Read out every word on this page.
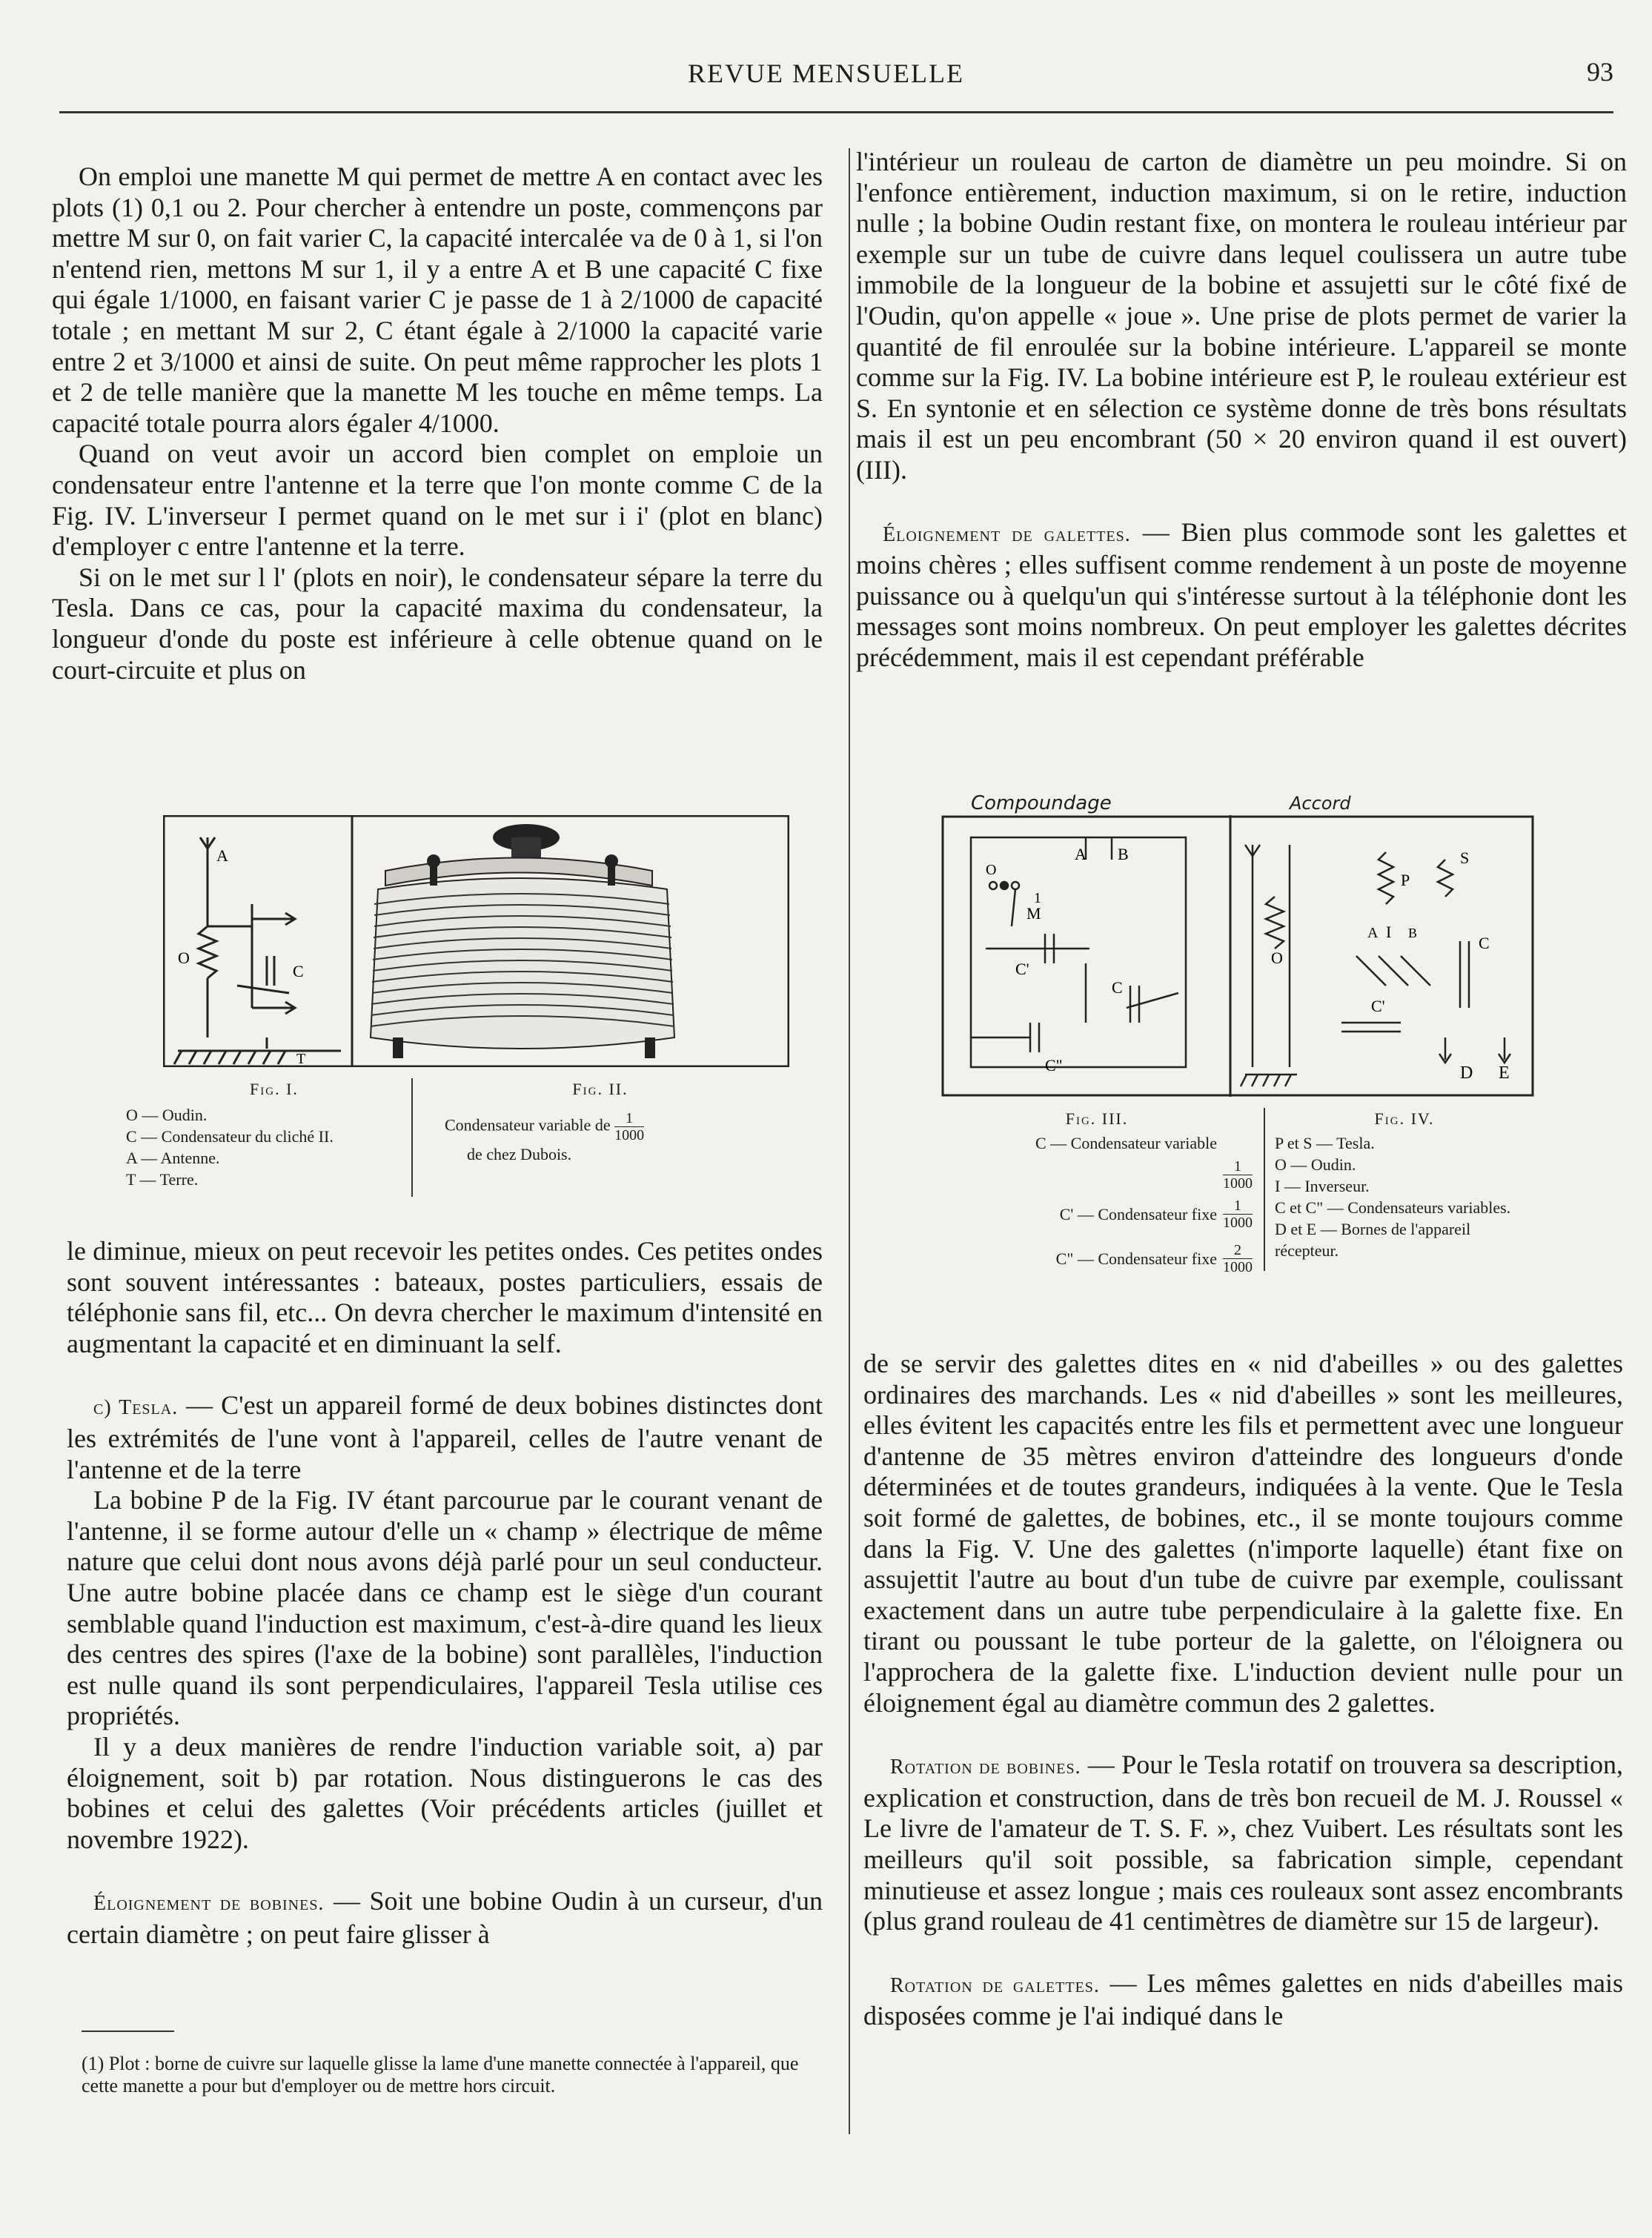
REVUE MENSUELLE	93

On emploi une manette M qui permet de mettre A en contact avec les plots (1) 0,1 ou 2. Pour chercher à entendre un poste, commençons par mettre M sur 0, on fait varier C, la capacité intercalée va de 0 à 1, si l'on n'entend rien, mettons M sur 1, il y a entre A et B une capacité C fixe qui égale 1/1000, en faisant varier C je passe de 1 à 2/1000 de capacité totale ; en mettant M sur 2, C étant égale à 2/1000 la capacité varie entre 2 et 3/1000 et ainsi de suite. On peut même rapprocher les plots 1 et 2 de telle manière que la manette M les touche en même temps. La capacité totale pourra alors égaler 4/1000.

Quand on veut avoir un accord bien complet on emploie un condensateur entre l'antenne et la terre que l'on monte comme C de la Fig. IV. L'inverseur I permet quand on le met sur i i' (plot en blanc) d'employer c entre l'antenne et la terre.

Si on le met sur l l' (plots en noir), le condensateur sépare la terre du Tesla. Dans ce cas, pour la capacité maxima du condensateur, la longueur d'onde du poste est inférieure à celle obtenue quand on le court-circuite et plus on

A
O
C
T
Fig. I.
O — Oudin.
C — Condensateur du cliché II.
A — Antenne.
T — Terre.
Fig. II.
Condensateur variable de $\frac{1}{1000}$
de chez Dubois.

le diminue, mieux on peut recevoir les petites ondes. Ces petites ondes sont souvent intéressantes : bateaux, postes particuliers, essais de téléphonie sans fil, etc... On devra chercher le maximum d'intensité en augmentant la capacité et en diminuant la self.

c) Tesla. — C'est un appareil formé de deux bobines distinctes dont les extrémités de l'une vont à l'appareil, celles de l'autre venant de l'antenne et de la terre

La bobine P de la Fig. IV étant parcourue par le courant venant de l'antenne, il se forme autour d'elle un « champ » électrique de même nature que celui dont nous avons déjà parlé pour un seul conducteur. Une autre bobine placée dans ce champ est le siège d'un courant semblable quand l'induction est maximum, c'est-à-dire quand les lieux des centres des spires (l'axe de la bobine) sont parallèles, l'induction est nulle quand ils sont perpendiculaires, l'appareil Tesla utilise ces propriétés.

Il y a deux manières de rendre l'induction variable soit, a) par éloignement, soit b) par rotation. Nous distinguerons le cas des bobines et celui des galettes (Voir précédents articles (juillet et novembre 1922).

Éloignement de bobines. — Soit une bobine Oudin à un curseur, d'un certain diamètre ; on peut faire glisser à

(1) Plot : borne de cuivre sur laquelle glisse la lame d'une manette connectée à l'appareil, que cette manette a pour but d'employer ou de mettre hors circuit.

l'intérieur un rouleau de carton de diamètre un peu moindre. Si on l'enfonce entièrement, induction maximum, si on le retire, induction nulle ; la bobine Oudin restant fixe, on montera le rouleau intérieur par exemple sur un tube de cuivre dans lequel coulissera un autre tube immobile de la longueur de la bobine et assujetti sur le côté fixé de l'Oudin, qu'on appelle « joue ». Une prise de plots permet de varier la quantité de fil enroulée sur la bobine intérieure. L'appareil se monte comme sur la Fig. IV. La bobine intérieure est P, le rouleau extérieur est S. En syntonie et en sélection ce système donne de très bons résultats mais il est un peu encombrant (50 × 20 environ quand il est ouvert) (III).

Éloignement de galettes. — Bien plus commode sont les galettes et moins chères ; elles suffisent comme rendement à un poste de moyenne puissance ou à quelqu'un qui s'intéresse surtout à la téléphonie dont les messages sont moins nombreux. On peut employer les galettes décrites précédemment, mais il est cependant préférable

Compoundage	Accord
A B
O
1
M
C'
C
C"
O
P
S
A I B
C
C'
D E
Fig. III.
C — Condensateur variable
$\frac{1}{1000}$
C' — Condensateur fixe $\frac{1}{1000}$
C" — Condensateur fixe $\frac{2}{1000}$
Fig. IV.
P et S — Tesla.
O — Oudin.
I — Inverseur.
C et C" — Condensateurs variables.
D et E — Bornes de l'appareil récepteur.

de se servir des galettes dites en « nid d'abeilles » ou des galettes ordinaires des marchands. Les « nid d'abeilles » sont les meilleures, elles évitent les capacités entre les fils et permettent avec une longueur d'antenne de 35 mètres environ d'atteindre des longueurs d'onde déterminées et de toutes grandeurs, indiquées à la vente. Que le Tesla soit formé de galettes, de bobines, etc., il se monte toujours comme dans la Fig. V. Une des galettes (n'importe laquelle) étant fixe on assujettit l'autre au bout d'un tube de cuivre par exemple, coulissant exactement dans un autre tube perpendiculaire à la galette fixe. En tirant ou poussant le tube porteur de la galette, on l'éloignera ou l'approchera de la galette fixe. L'induction devient nulle pour un éloignement égal au diamètre commun des 2 galettes.

Rotation de bobines. — Pour le Tesla rotatif on trouvera sa description, explication et construction, dans de très bon recueil de M. J. Roussel « Le livre de l'amateur de T. S. F. », chez Vuibert. Les résultats sont les meilleurs qu'il soit possible, sa fabrication simple, cependant minutieuse et assez longue ; mais ces rouleaux sont assez encombrants (plus grand rouleau de 41 centimètres de diamètre sur 15 de largeur).

Rotation de galettes. — Les mêmes galettes en nids d'abeilles mais disposées comme je l'ai indiqué dans le
